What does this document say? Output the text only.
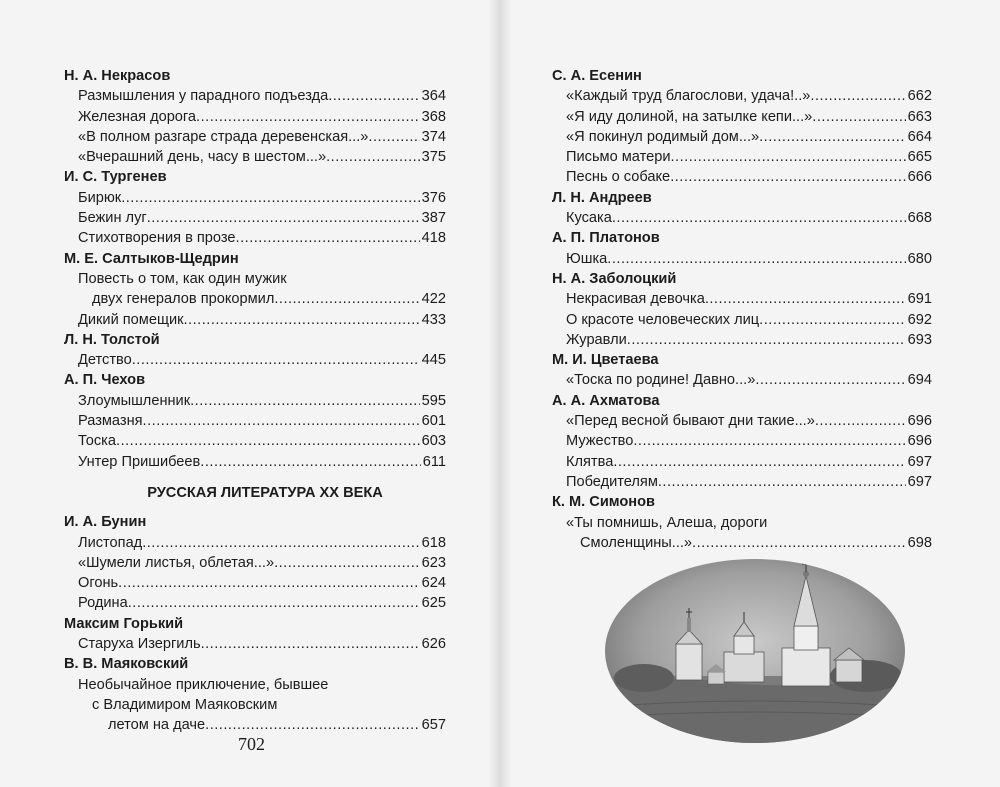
Н. А. Некрасов
Размышления у парадного подъезда .....	364
Железная дорога .....	368
«В полном разгаре страда деревенская...» .....	374
«Вчерашний день, часу в шестом...» .....	375
И. С. Тургенев
Бирюк .....	376
Бежин луг .....	387
Стихотворения в прозе .....	418
М. Е. Салтыков-Щедрин
Повесть о том, как один мужик
двух генералов прокормил .....	422
Дикий помещик .....	433
Л. Н. Толстой
Детство .....	445
А. П. Чехов
Злоумышленник .....	595
Размазня .....	601
Тоска .....	603
Унтер Пришибеев .....	611
РУССКАЯ ЛИТЕРАТУРА XX ВЕКА
И. А. Бунин
Листопад .....	618
«Шумели листья, облетая...» .....	623
Огонь .....	624
Родина .....	625
Максим Горький
Старуха Изергиль .....	626
В. В. Маяковский
Необычайное приключение, бывшее
с Владимиром Маяковским
летом на даче .....	657
702
С. А. Есенин
«Каждый труд благослови, удача!..» .....	662
«Я иду долиной, на затылке кепи...» .....	663
«Я покинул родимый дом...» .....	664
Письмо матери .....	665
Песнь о собаке .....	666
Л. Н. Андреев
Кусака .....	668
А. П. Платонов
Юшка .....	680
Н. А. Заболоцкий
Некрасивая девочка .....	691
О красоте человеческих лиц .....	692
Журавли .....	693
М. И. Цветаева
«Тоска по родине! Давно...» .....	694
А. А. Ахматова
«Перед весной бывают дни такие...» .....	696
Мужество .....	696
Клятва .....	697
Победителям .....	697
К. М. Симонов
«Ты помнишь, Алеша, дороги
Смоленщины...» .....	698
